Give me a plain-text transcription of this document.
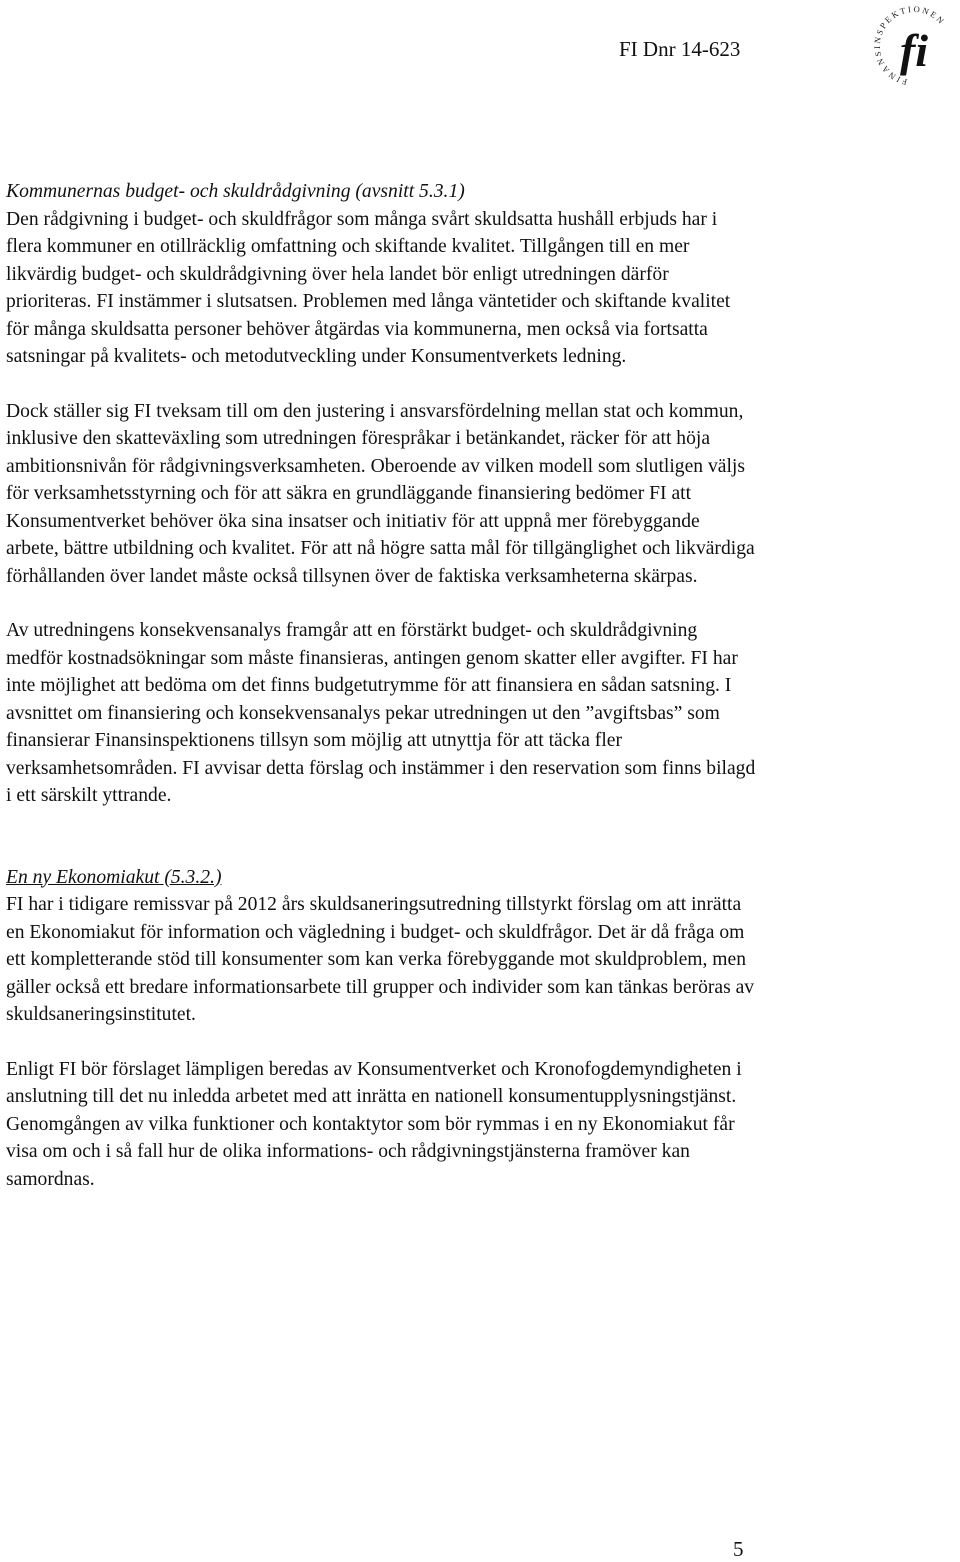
FI Dnr 14-623
FINANSINSPEKTIONEN
fi
Kommunernas budget- och skuldrådgivning (avsnitt 5.3.1)

Den rådgivning i budget- och skuldfrågor som många svårt skuldsatta hushåll erbjuds har i flera kommuner en otillräcklig omfattning och skiftande kvalitet. Tillgången till en mer likvärdig budget- och skuldrådgivning över hela landet bör enligt utredningen därför prioriteras. FI instämmer i slutsatsen. Problemen med långa väntetider och skiftande kvalitet för många skuldsatta personer behöver åtgärdas via kommunerna, men också via fortsatta satsningar på kvalitets- och metodutveckling under Konsumentverkets ledning.

Dock ställer sig FI tveksam till om den justering i ansvarsfördelning mellan stat och kommun, inklusive den skatteväxling som utredningen förespråkar i betänkandet, räcker för att höja ambitionsnivån för rådgivningsverksamheten. Oberoende av vilken modell som slutligen väljs för verksamhetsstyrning och för att säkra en grundläggande finansiering bedömer FI att Konsumentverket behöver öka sina insatser och initiativ för att uppnå mer förebyggande arbete, bättre utbildning och kvalitet. För att nå högre satta mål för tillgänglighet och likvärdiga förhållanden över landet måste också tillsynen över de faktiska verksamheterna skärpas.

Av utredningens konsekvensanalys framgår att en förstärkt budget- och skuldrådgivning medför kostnadsökningar som måste finansieras, antingen genom skatter eller avgifter. FI har inte möjlighet att bedöma om det finns budgetutrymme för att finansiera en sådan satsning. I avsnittet om finansiering och konsekvensanalys pekar utredningen ut den ”avgiftsbas” som finansierar Finansinspektionens tillsyn som möjlig att utnyttja för att täcka fler verksamhetsområden. FI avvisar detta förslag och instämmer i den reservation som finns bilagd i ett särskilt yttrande.

En ny Ekonomiakut (5.3.2.)

FI har i tidigare remissvar på 2012 års skuldsaneringsutredning tillstyrkt förslag om att inrätta en Ekonomiakut för information och vägledning i budget- och skuldfrågor. Det är då fråga om ett kompletterande stöd till konsumenter som kan verka förebyggande mot skuldproblem, men gäller också ett bredare informationsarbete till grupper och individer som kan tänkas beröras av skuldsaneringsinstitutet.

Enligt FI bör förslaget lämpligen beredas av Konsumentverket och Kronofogdemyndigheten i anslutning till det nu inledda arbetet med att inrätta en nationell konsumentupplysningstjänst. Genomgången av vilka funktioner och kontaktytor som bör rymmas i en ny Ekonomiakut får visa om och i så fall hur de olika informations- och rådgivningstjänsterna framöver kan samordnas.

5
